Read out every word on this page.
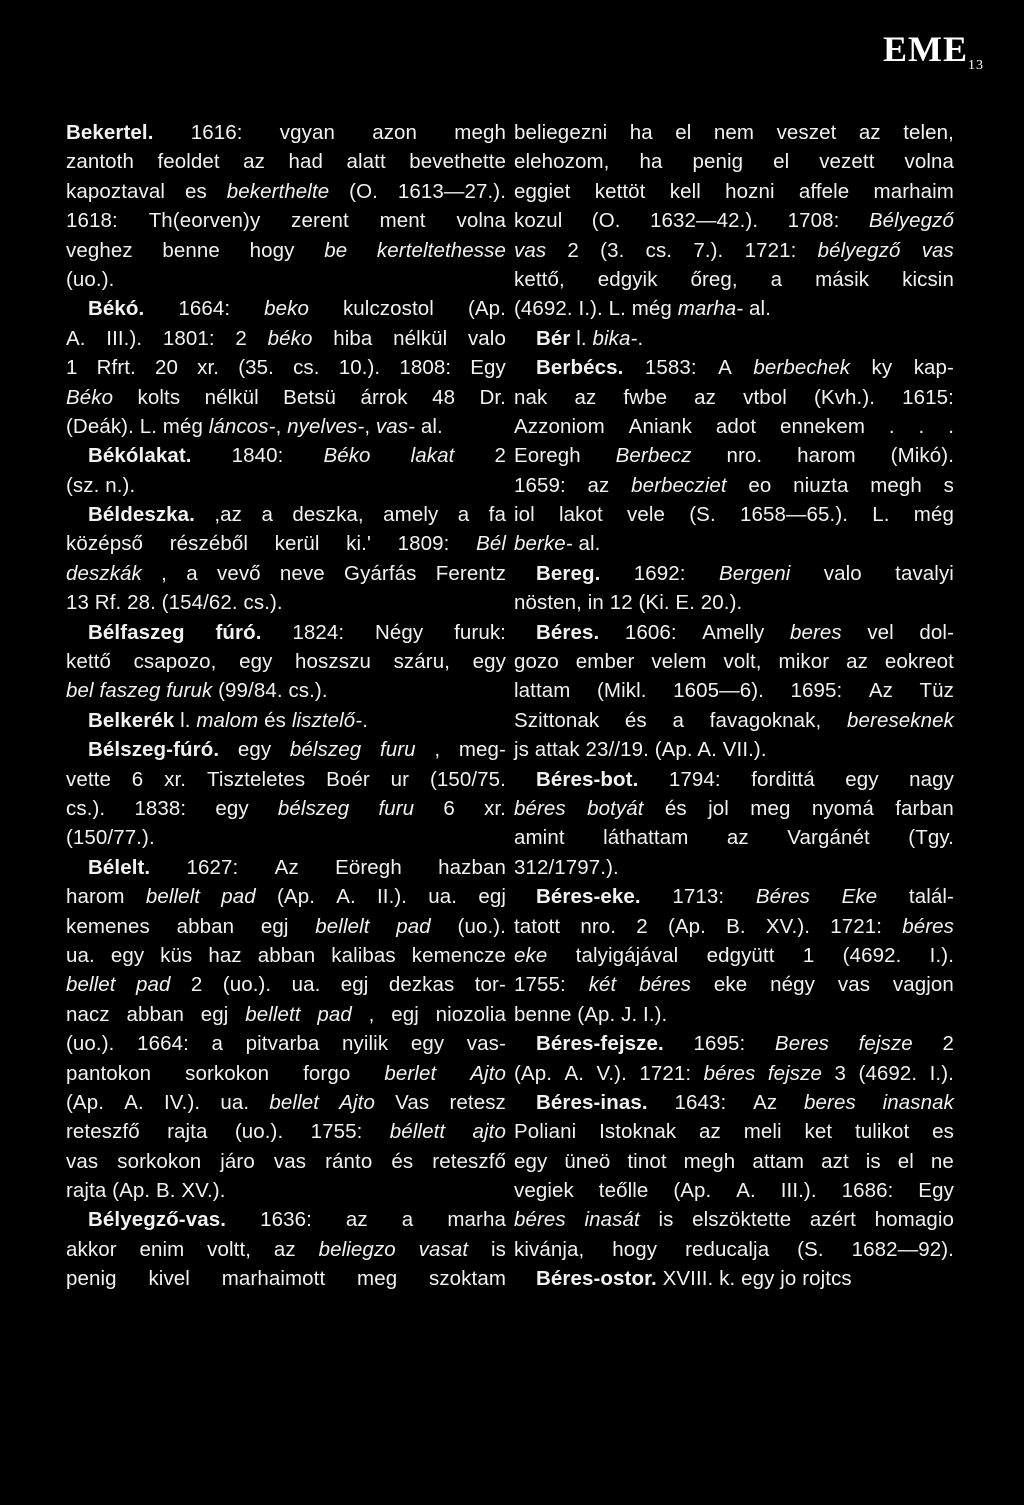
$EME_{13}$
Bekertel. 1616: vgyan azon megh
zantoth feoldet az had alatt bevethette
kapoztaval es bekerthelte (O. 1613—27.).
1618: Th(eorven)y zerent ment volna
veghez benne hogy be kerteltethesse
(uo.).
Békó. 1664: beko kulczostol (Ap.
A. III.). 1801: 2 béko hiba nélkül valo
1 Rfrt. 20 xr. (35. cs. 10.). 1808: Egy
Béko kolts nélkül Betsü árrok 48 Dr.
(Deák). L. még láncos-, nyelves-, vas- al.
Békólakat. 1840: Béko lakat 2
(sz. n.).
Béldeszka. ,az a deszka, amely a fa
középső részéből kerül ki.' 1809: Bél
deszkák , a vevő neve Gyárfás Ferentz
13 Rf. 28. (154/62. cs.).
Bélfaszeg fúró. 1824: Négy furuk:
kettő csapozo, egy hoszszu száru, egy
bel faszeg furuk (99/84. cs.).
Belkerék l. malom és lisztelő-.
Bélszeg-fúró. egy bélszeg furu , meg-
vette 6 xr. Tiszteletes Boér ur (150/75.
cs.). 1838: egy bélszeg furu 6 xr.
(150/77.).
Bélelt. 1627: Az Eöregh hazban
harom bellelt pad (Ap. A. II.). ua. egj
kemenes abban egj bellelt pad (uo.).
ua. egy küs haz abban kalibas kemencze
bellet pad 2 (uo.). ua. egj dezkas tor-
nacz abban egj bellett pad , egj niozolia
(uo.). 1664: a pitvarba nyilik egy vas-
pantokon sorkokon forgo berlet Ajto
(Ap. A. IV.). ua. bellet Ajto Vas retesz
reteszfő rajta (uo.). 1755: béllett ajto
vas sorkokon járo vas ránto és reteszfő
rajta (Ap. B. XV.).
Bélyegző-vas. 1636: az a marha
akkor enim voltt, az beliegzo vasat is
penig kivel marhaimott meg szoktam
beliegezni ha el nem veszet az telen,
elehozom, ha penig el vezett volna
eggiet kettöt kell hozni affele marhaim
kozul (O. 1632—42.). 1708: Bélyegző
vas 2 (3. cs. 7.). 1721: bélyegző vas
kettő, edgyik őreg, a másik kicsin
(4692. I.). L. még marha- al.
Bér l. bika-.
Berbécs. 1583: A berbechek ky kap-
nak az fwbe az vtbol (Kvh.). 1615:
Azzoniom Aniank adot ennekem . . .
Eoregh Berbecz nro. harom (Mikó).
1659: az berbecziet eo niuzta megh s
iol lakot vele (S. 1658—65.). L. még
berke- al.
Bereg. 1692: Bergeni valo tavalyi
nösten, in 12 (Ki. E. 20.).
Béres. 1606: Amelly beres vel dol-
gozo ember velem volt, mikor az eokreot
lattam (Mikl. 1605—6). 1695: Az Tüz
Szittonak és a favagoknak, bereseknek
js attak 23//19. (Ap. A. VII.).
Béres-bot. 1794: fordittá egy nagy
béres botyát és jol meg nyomá farban
amint láthattam az Vargánét (Tgy.
312/1797.).
Béres-eke. 1713: Béres Eke talál-
tatott nro. 2 (Ap. B. XV.). 1721: béres
eke talyigájával edgyütt 1 (4692. I.).
1755: két béres eke négy vas vagjon
benne (Ap. J. I.).
Béres-fejsze. 1695: Beres fejsze 2
(Ap. A. V.). 1721: béres fejsze 3 (4692. I.).
Béres-inas. 1643: Az beres inasnak
Poliani Istoknak az meli ket tulikot es
egy üneö tinot megh attam azt is el ne
vegiek teőlle (Ap. A. III.). 1686: Egy
béres inasát is elszöktette azért homagio
kivánja, hogy reducalja (S. 1682—92).
Béres-ostor. XVIII. k. egy jo rojtcs
